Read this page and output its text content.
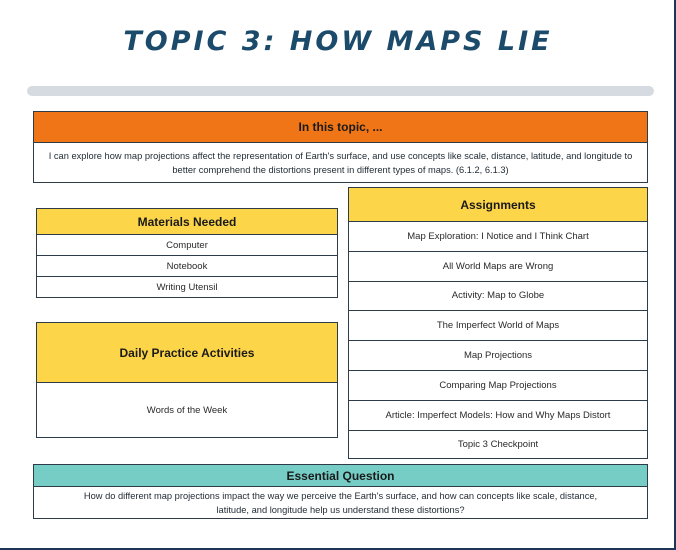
TOPIC 3: HOW MAPS LIE
In this topic, ...
I can explore how map projections affect the representation of Earth's surface, and use concepts like scale, distance, latitude, and longitude to better comprehend the distortions present in different types of maps. (6.1.2, 6.1.3)
Materials Needed
Computer
Notebook
Writing Utensil
Assignments
Map Exploration: I Notice and I Think Chart
All World Maps are Wrong
Activity: Map to Globe
The Imperfect World of Maps
Map Projections
Comparing Map Projections
Article: Imperfect Models: How and Why Maps Distort
Topic 3 Checkpoint
Daily Practice Activities
Words of the Week
Essential Question
How do different map projections impact the way we perceive the Earth's surface, and how can concepts like scale, distance, latitude, and longitude help us understand these distortions?
